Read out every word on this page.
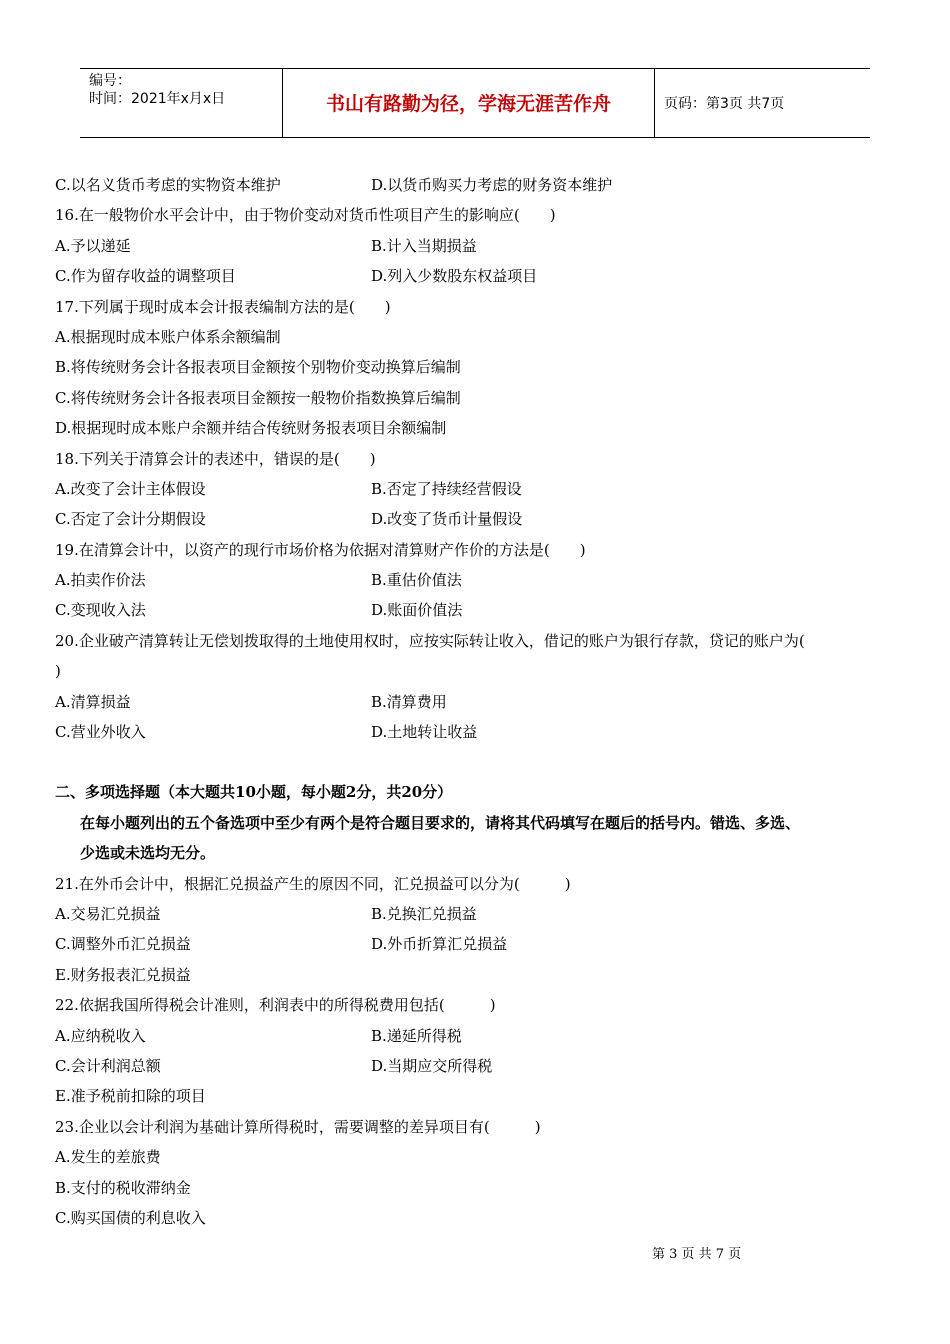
编号：
时间：2021年x月x日	书山有路勤为径，学海无涯苦作舟	页码：第3页 共7页
C.以名义货币考虑的实物资本维护	D.以货币购买力考虑的财务资本维护
16.在一般物价水平会计中，由于物价变动对货币性项目产生的影响应(　　)
A.予以递延	B.计入当期损益
C.作为留存收益的调整项目	D.列入少数股东权益项目
17.下列属于现时成本会计报表编制方法的是(　　)
A.根据现时成本账户体系余额编制
B.将传统财务会计各报表项目金额按个别物价变动换算后编制
C.将传统财务会计各报表项目金额按一般物价指数换算后编制
D.根据现时成本账户余额并结合传统财务报表项目余额编制
18.下列关于清算会计的表述中，· · 错误的是(　　)
A.改变了会计主体假设	B.否定了持续经营假设
C.否定了会计分期假设	D.改变了货币计量假设
19.在清算会计中，以资产的现行市场价格为依据对清算财产作价的方法是(　　)
A.拍卖作价法	B.重估价值法
C.变现收入法	D.账面价值法
20.企业破产清算转让无偿划拨取得的土地使用权时，应按实际转让收入，借记的账户为银行存款，贷记的账户为(
)
A.清算损益	B.清算费用
C.营业外收入	D.土地转让收益
二、多项选择题（本大题共10小题，每小题2分，共20分）
在每小题列出的五个备选项中至少有两个是符合题目要求的，请将其代码填写在题后的括号内。错选、多选、
少选或未选均无分。
21.在外币会计中，根据汇兑损益产生的原因不同，汇兑损益可以分为(　　　)
A.交易汇兑损益	B.兑换汇兑损益
C.调整外币汇兑损益	D.外币折算汇兑损益
E.财务报表汇兑损益
22.依据我国所得税会计准则，利润表中的所得税费用包括(　　　)
A.应纳税收入	B.递延所得税
C.会计利润总额	D.当期应交所得税
E.准予税前扣除的项目
23.企业以会计利润为基础计算所得税时，需要调整的差异项目有(　　　)
A.发生的差旅费
B.支付的税收滞纳金
C.购买国债的利息收入
第 3 页 共 7 页
